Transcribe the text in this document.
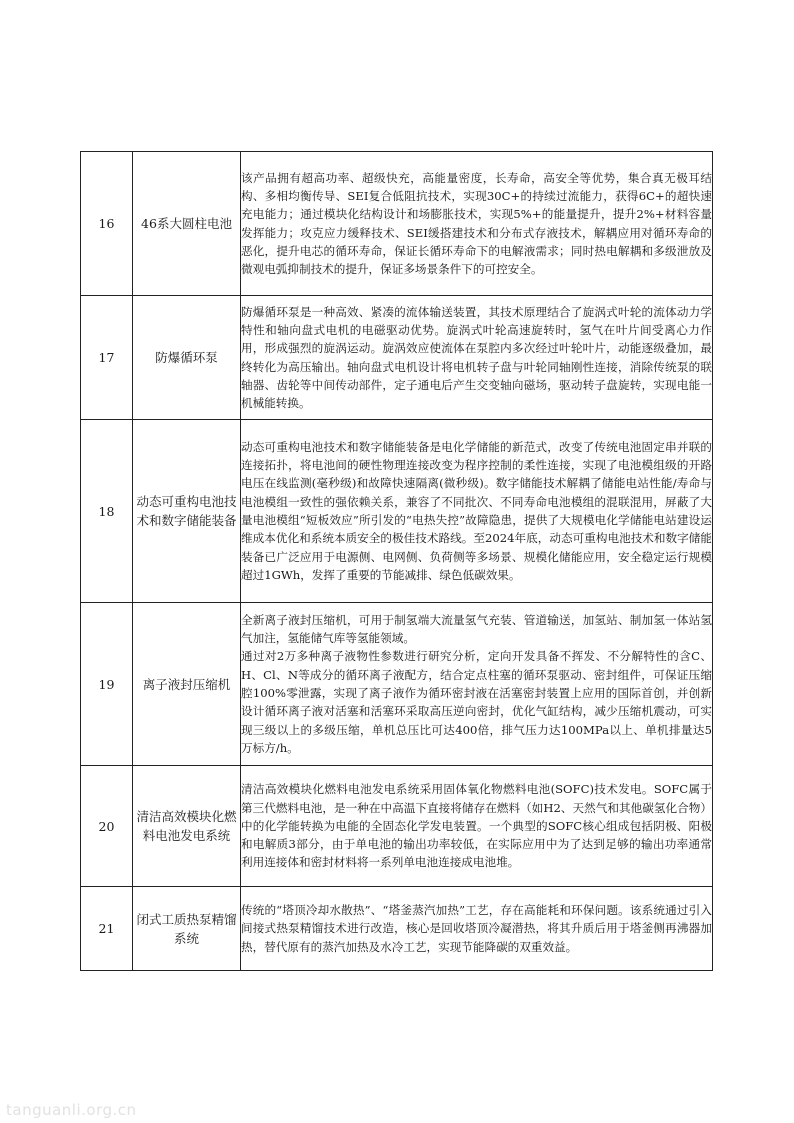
16	46系大圆柱电池	该产品拥有超高功率、超级快充，高能量密度，长寿命，高安全等优势，集合真无极耳结构、多相均衡传导、SEI复合低阻抗技术，实现30C+的持续过流能力，获得6C+的超快速充电能力；通过模块化结构设计和场膨胀技术，实现5%+的能量提升，提升2%+材料容量发挥能力；攻克应力缓释技术、SEI缓搭建技术和分布式存液技术，解耦应用对循环寿命的恶化，提升电芯的循环寿命，保证长循环寿命下的电解液需求；同时热电解耦和多级泄放及微观电弧抑制技术的提升，保证多场景条件下的可控安全。

17	防爆循环泵	防爆循环泵是一种高效、紧凑的流体输送装置，其技术原理结合了旋涡式叶轮的流体动力学特性和轴向盘式电机的电磁驱动优势。旋涡式叶轮高速旋转时，氢气在叶片间受离心力作用，形成强烈的旋涡运动。旋涡效应使流体在泵腔内多次经过叶轮叶片，动能逐级叠加，最终转化为高压输出。轴向盘式电机设计将电机转子盘与叶轮同轴刚性连接，消除传统泵的联轴器、齿轮等中间传动部件，定子通电后产生交变轴向磁场，驱动转子盘旋转，实现电能一机械能转换。

18	动态可重构电池技术和数字储能装备	动态可重构电池技术和数字储能装备是电化学储能的新范式，改变了传统电池固定串并联的连接拓扑，将电池间的硬性物理连接改变为程序控制的柔性连接，实现了电池模组级的开路电压在线监测(毫秒级)和故障快速隔离(微秒级)。数字储能技术解耦了储能电站性能/寿命与电池模组一致性的强依赖关系，兼容了不同批次、不同寿命电池模组的混联混用，屏蔽了大量电池模组“短板效应”所引发的“电热失控”故障隐患，提供了大规模电化学储能电站建设运维成本优化和系统本质安全的极佳技术路线。至2024年底，动态可重构电池技术和数字储能装备已广泛应用于电源侧、电网侧、负荷侧等多场景、规模化储能应用，安全稳定运行规模超过1GWh，发挥了重要的节能减排、绿色低碳效果。

19	离子液封压缩机	全新离子液封压缩机，可用于制氢端大流量氢气充装、管道输送，加氢站、制加氢一体站氢气加注，氢能储气库等氢能领域。

通过对2万多种离子液物性参数进行研究分析，定向开发具备不挥发、不分解特性的含C、H、Cl、N等成分的循环离子液配方，结合定点柱塞的循环泵驱动、密封组件，可保证压缩腔100%零泄露，实现了离子液作为循环密封液在活塞密封装置上应用的国际首创，并创新设计循环离子液对活塞和活塞环采取高压逆向密封，优化气缸结构，减少压缩机震动，可实现三级以上的多级压缩，单机总压比可达400倍，排气压力达100MPa以上、单机排量达5万标方/h。

20	清洁高效模块化燃料电池发电系统	清洁高效模块化燃料电池发电系统采用固体氧化物燃料电池(SOFC)技术发电。SOFC属于第三代燃料电池，是一种在中高温下直接将储存在燃料（如H2、天然气和其他碳氢化合物）中的化学能转换为电能的全固态化学发电装置。一个典型的SOFC核心组成包括阴极、阳极和电解质3部分，由于单电池的输出功率较低，在实际应用中为了达到足够的输出功率通常利用连接体和密封材料将一系列单电池连接成电池堆。

21	闭式工质热泵精馏系统	传统的“塔顶冷却水散热”、“塔釜蒸汽加热”工艺，存在高能耗和环保问题。该系统通过引入间接式热泵精馏技术进行改造，核心是回收塔顶冷凝潜热，将其升质后用于塔釜侧再沸器加热，替代原有的蒸汽加热及水冷工艺，实现节能降碳的双重效益。

tanguanli.org.cn
